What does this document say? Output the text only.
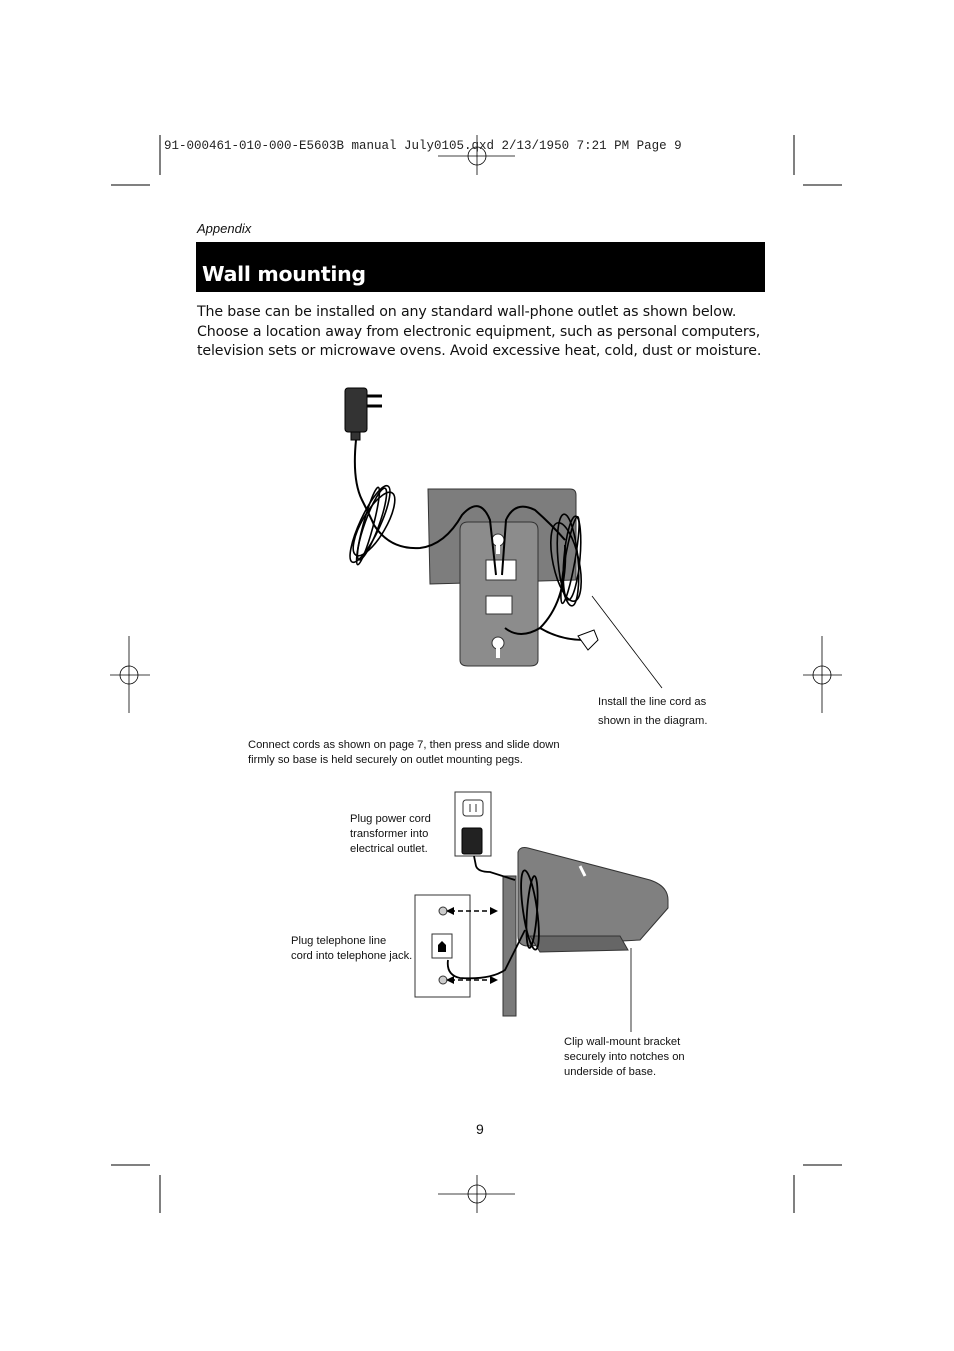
91-000461-010-000-E5603B manual July0105.qxd 2/13/1950 7:21 PM Page 9
Appendix
Wall mounting
The base can be installed on any standard wall-phone outlet as shown below. Choose a location away from electronic equipment, such as personal computers, television sets or microwave ovens. Avoid excessive heat, cold, dust or moisture.
Install the line cord as
shown in the diagram.
Connect cords as shown on page 7, then press and slide down
firmly so base is held securely on outlet mounting pegs.
Plug power cord
transformer into
electrical outlet.
Plug telephone line
cord into telephone jack.
Clip wall-mount bracket
securely into notches on
underside of base.
9
